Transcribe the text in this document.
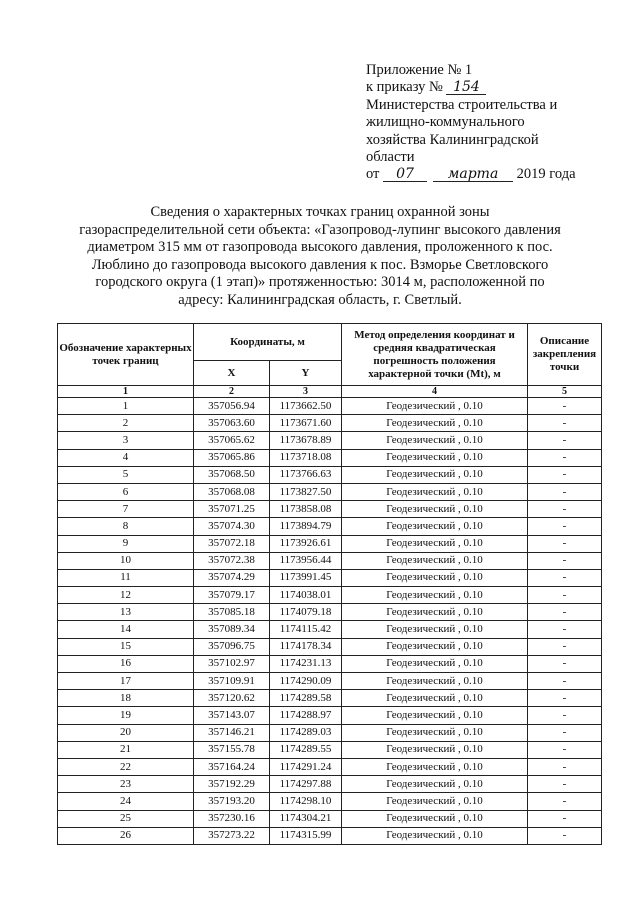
Приложение № 1
к приказу № 154
Министерства строительства и
жилищно-коммунального
хозяйства Калининградской
области
от 07 марта 2019 года
Сведения о характерных точках границ охранной зоны
газораспределительной сети объекта: «Газопровод-лупинг высокого давления
диаметром 315 мм от газопровода высокого давления, проложенного к пос.
Люблино до газопровода высокого давления к пос. Взморье Светловского
городского округа (1 этап)» протяженностью: 3014 м, расположенной по
адресу: Калининградская область, г. Светлый.
Обозначение характерных точек границ	Координаты, м		Метод определения координат и средняя квадратическая погрешность положения характерной точки (Mt), м	Описание закрепления точки
	X	Y		
1	2	3	4	5
1	357056.94	1173662.50	Геодезический , 0.10	-
2	357063.60	1173671.60	Геодезический , 0.10	-
3	357065.62	1173678.89	Геодезический , 0.10	-
4	357065.86	1173718.08	Геодезический , 0.10	-
5	357068.50	1173766.63	Геодезический , 0.10	-
6	357068.08	1173827.50	Геодезический , 0.10	-
7	357071.25	1173858.08	Геодезический , 0.10	-
8	357074.30	1173894.79	Геодезический , 0.10	-
9	357072.18	1173926.61	Геодезический , 0.10	-
10	357072.38	1173956.44	Геодезический , 0.10	-
11	357074.29	1173991.45	Геодезический , 0.10	-
12	357079.17	1174038.01	Геодезический , 0.10	-
13	357085.18	1174079.18	Геодезический , 0.10	-
14	357089.34	1174115.42	Геодезический , 0.10	-
15	357096.75	1174178.34	Геодезический , 0.10	-
16	357102.97	1174231.13	Геодезический , 0.10	-
17	357109.91	1174290.09	Геодезический , 0.10	-
18	357120.62	1174289.58	Геодезический , 0.10	-
19	357143.07	1174288.97	Геодезический , 0.10	-
20	357146.21	1174289.03	Геодезический , 0.10	-
21	357155.78	1174289.55	Геодезический , 0.10	-
22	357164.24	1174291.24	Геодезический , 0.10	-
23	357192.29	1174297.88	Геодезический , 0.10	-
24	357193.20	1174298.10	Геодезический , 0.10	-
25	357230.16	1174304.21	Геодезический , 0.10	-
26	357273.22	1174315.99	Геодезический , 0.10	-
